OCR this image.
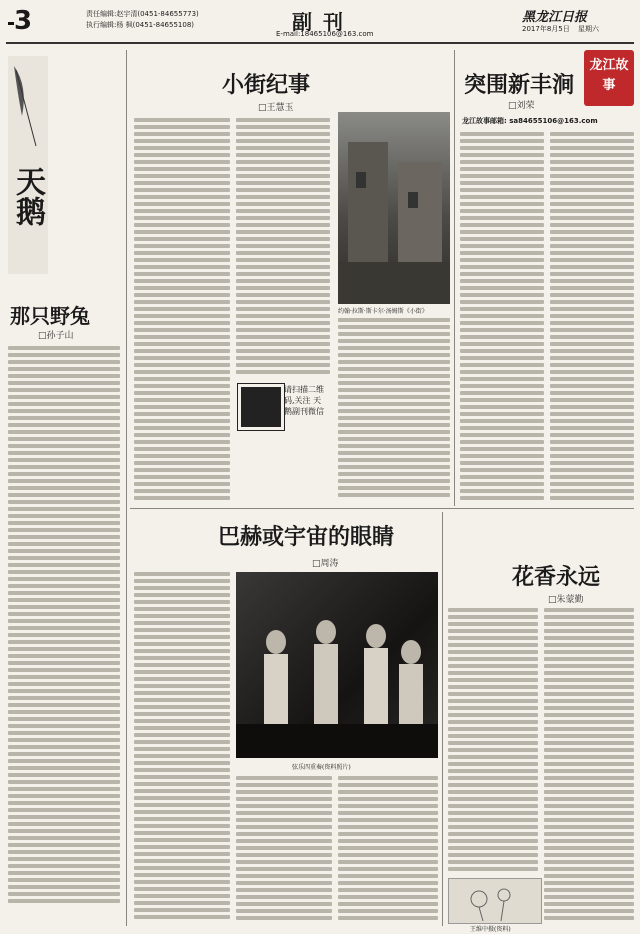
3	责任编辑:赵宇清(0451-84655773)
执行编辑:杨 枫(0451-84655108)	副 刊
E-mail:18465106@163.com
黑龙江日报
2017年8月5日 星期六
天鹅
那只野兔
□孙子山
小街纪事
□王慧玉
请扫描二维码,关注 天鹅副刊微信
约翰·拉斯·斯卡尔·汤姆斯《小街》
突围新丰涧
□刘荣
龙江故事
龙江故事邮箱: sa84655106@163.com
巴赫或宇宙的眼睛
□周涛
弦乐四重奏(资料照片)
花香永远
□朱蒙勤
王维中摄(资料)
